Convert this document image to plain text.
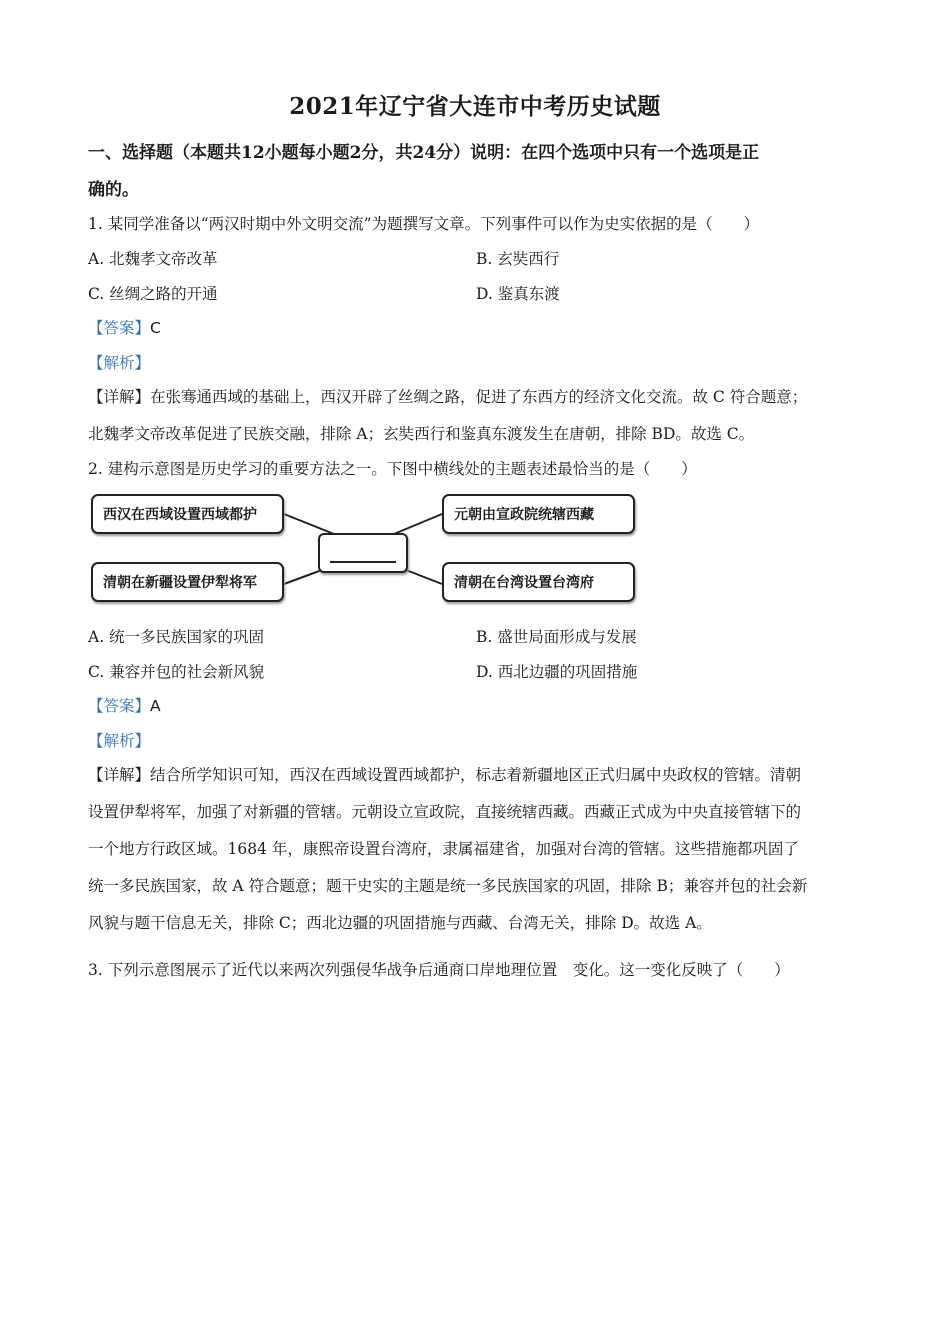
2021年辽宁省大连市中考历史试题
一、选择题（本题共12小题每小题2分，共24分）说明：在四个选项中只有一个选项是正
确的。
1. 某同学准备以“两汉时期中外文明交流”为题撰写文章。下列事件可以作为史实依据的是（　　）
A. 北魏孝文帝改革	B. 玄奘西行
C. 丝绸之路的开通	D. 鉴真东渡
【答案】C
【解析】
【详解】在张骞通西域的基础上，西汉开辟了丝绸之路，促进了东西方的经济文化交流。故 C 符合题意；
北魏孝文帝改革促进了民族交融，排除 A；玄奘西行和鉴真东渡发生在唐朝，排除 BD。故选 C。
2. 建构示意图是历史学习的重要方法之一。下图中横线处的主题表述最恰当的是（　　）
西汉在西域设置西域都护	元朝由宣政院统辖西藏
清朝在新疆设置伊犁将军	清朝在台湾设置台湾府
A. 统一多民族国家的巩固	B. 盛世局面形成与发展
C. 兼容并包的社会新风貌	D. 西北边疆的巩固措施
【答案】A
【解析】
【详解】结合所学知识可知，西汉在西域设置西域都护，标志着新疆地区正式归属中央政权的管辖。清朝
设置伊犁将军，加强了对新疆的管辖。元朝设立宣政院，直接统辖西藏。西藏正式成为中央直接管辖下的
一个地方行政区域。1684 年，康熙帝设置台湾府，隶属福建省，加强对台湾的管辖。这些措施都巩固了
统一多民族国家，故 A 符合题意；题干史实的主题是统一多民族国家的巩固，排除 B；兼容并包的社会新
风貌与题干信息无关，排除 C；西北边疆的巩固措施与西藏、台湾无关，排除 D。故选 A。
3. 下列示意图展示了近代以来两次列强侵华战争后通商口岸地理位置　变化。这一变化反映了（　　）
